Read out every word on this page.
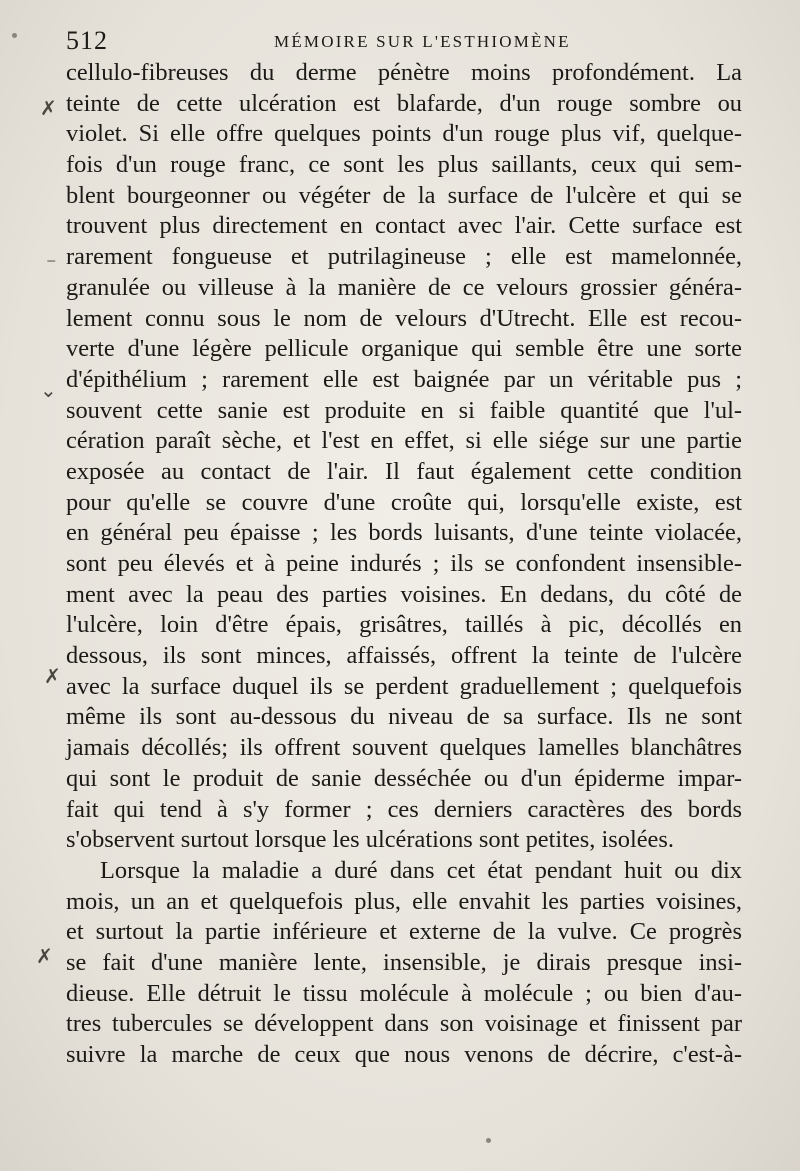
512	MÉMOIRE SUR L'ESTHIOMÈNE
✗
⁻
⌄
✗
✗
cellulo-fibreuses du derme pénètre moins profondément. La
teinte de cette ulcération est blafarde, d'un rouge sombre ou
violet. Si elle offre quelques points d'un rouge plus vif, quelque-
fois d'un rouge franc, ce sont les plus saillants, ceux qui sem-
blent bourgeonner ou végéter de la surface de l'ulcère et qui se
trouvent plus directement en contact avec l'air. Cette surface est
rarement fongueuse et putrilagineuse ; elle est mamelonnée,
granulée ou villeuse à la manière de ce velours grossier généra-
lement connu sous le nom de velours d'Utrecht. Elle est recou-
verte d'une légère pellicule organique qui semble être une sorte
d'épithélium ; rarement elle est baignée par un véritable pus ;
souvent cette sanie est produite en si faible quantité que l'ul-
cération paraît sèche, et l'est en effet, si elle siége sur une partie
exposée au contact de l'air. Il faut également cette condition
pour qu'elle se couvre d'une croûte qui, lorsqu'elle existe, est
en général peu épaisse ; les bords luisants, d'une teinte violacée,
sont peu élevés et à peine indurés ; ils se confondent insensible-
ment avec la peau des parties voisines. En dedans, du côté de
l'ulcère, loin d'être épais, grisâtres, taillés à pic, décollés en
dessous, ils sont minces, affaissés, offrent la teinte de l'ulcère
avec la surface duquel ils se perdent graduellement ; quelquefois
même ils sont au-dessous du niveau de sa surface. Ils ne sont
jamais décollés; ils offrent souvent quelques lamelles blanchâtres
qui sont le produit de sanie desséchée ou d'un épiderme impar-
fait qui tend à s'y former ; ces derniers caractères des bords
s'observent surtout lorsque les ulcérations sont petites, isolées.
Lorsque la maladie a duré dans cet état pendant huit ou dix
mois, un an et quelquefois plus, elle envahit les parties voisines,
et surtout la partie inférieure et externe de la vulve. Ce progrès
se fait d'une manière lente, insensible, je dirais presque insi-
dieuse. Elle détruit le tissu molécule à molécule ; ou bien d'au-
tres tubercules se développent dans son voisinage et finissent par
suivre la marche de ceux que nous venons de décrire, c'est-à-
